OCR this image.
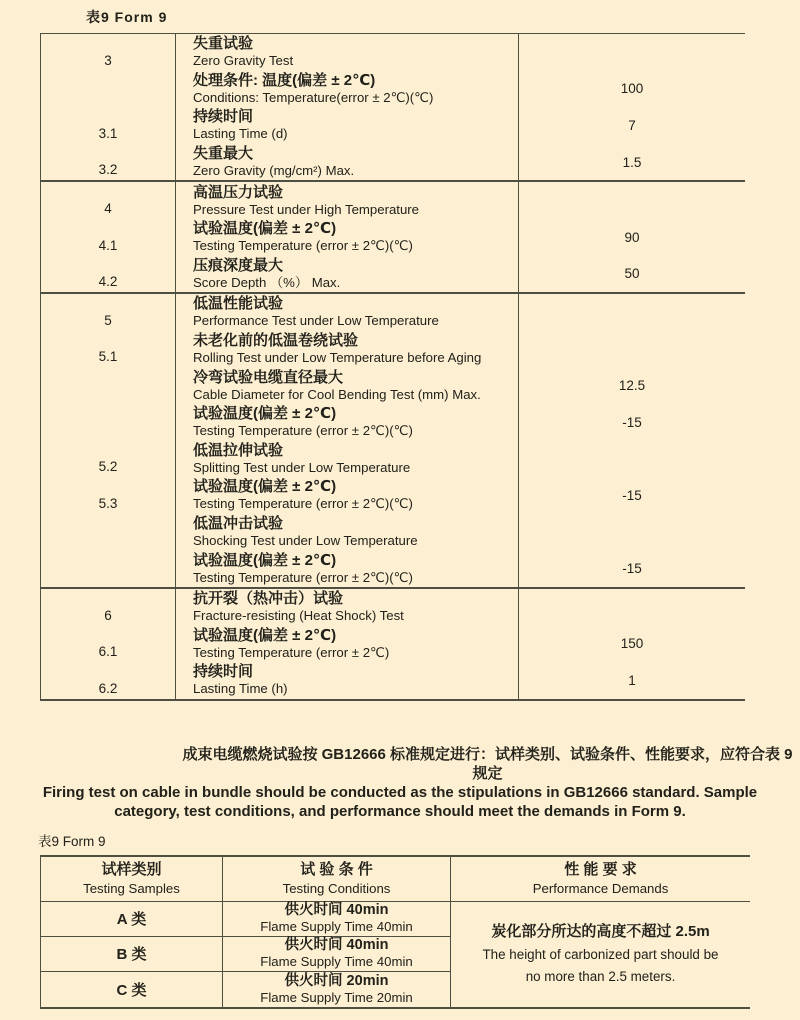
表9 Form 9
3
失重试验
Zero Gravity Test
处理条件: 温度(偏差 ± 2℃)
Conditions: Temperature(error ± 2℃)(℃)
100
3.1
持续时间
Lasting Time (d)
7
3.2
失重最大
Zero Gravity (mg/cm²) Max.
1.5
4
高温压力试验
Pressure Test under High Temperature
4.1
试验温度(偏差 ± 2℃)
Testing Temperature (error ± 2℃)(℃)
90
4.2
压痕深度最大
Score Depth （%） Max.
50
5
低温性能试验
Performance Test under Low Temperature
5.1
未老化前的低温卷绕试验
Rolling Test under Low Temperature before Aging
冷弯试验电缆直径最大
Cable Diameter for Cool Bending Test (mm) Max.
12.5
试验温度(偏差 ± 2℃)
Testing Temperature (error ± 2℃)(℃)
-15
5.2
低温拉伸试验
Splitting Test under Low Temperature
5.3
试验温度(偏差 ± 2℃)
Testing Temperature (error ± 2℃)(℃)
-15
低温冲击试验
Shocking Test under Low Temperature
试验温度(偏差 ± 2℃)
Testing Temperature (error ± 2℃)(℃)
-15
6
抗开裂（热冲击）试验
Fracture-resisting (Heat Shock) Test
6.1
试验温度(偏差 ± 2℃)
Testing Temperature (error ± 2℃)
150
6.2
持续时间
Lasting Time (h)
1
成束电缆燃烧试验按 GB12666 标准规定进行：试样类别、试验条件、性能要求，应符合表 9 规定
Firing test on cable in bundle should be conducted as the stipulations in GB12666 standard. Sample
category, test conditions, and performance should meet the demands in Form 9.
表9 Form 9
试样类别
Testing Samples
试 验 条 件
Testing Conditions
性 能 要 求
Performance Demands
A 类
供火时间 40min
Flame Supply Time 40min
B 类
供火时间 40min
Flame Supply Time 40min
C 类
供火时间 20min
Flame Supply Time 20min
炭化部分所达的高度不超过 2.5m
The height of carbonized part should be
no more than 2.5 meters.
